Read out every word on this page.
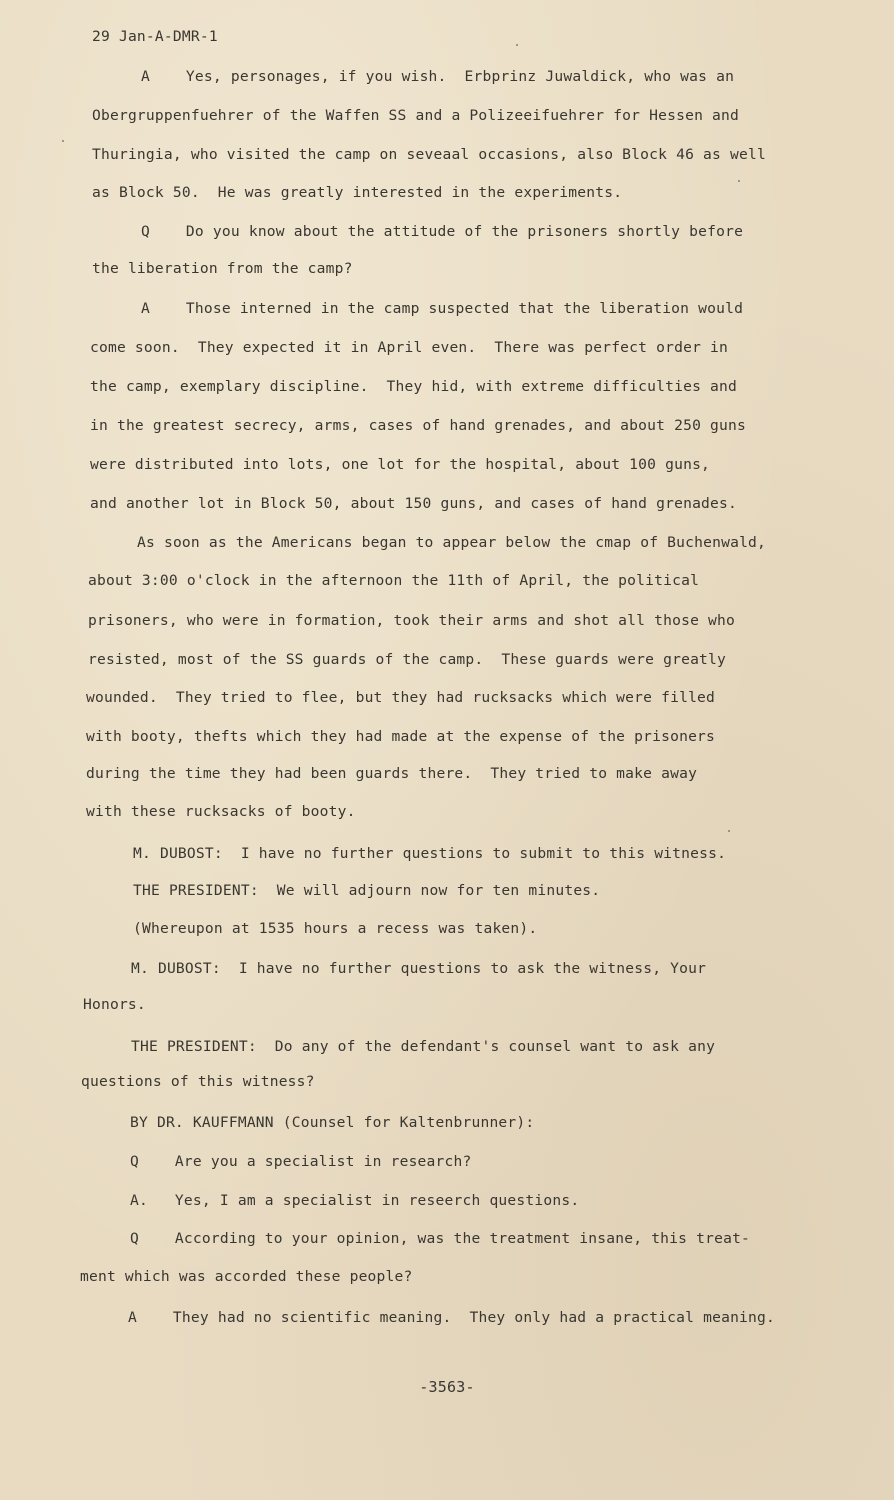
29 Jan-A-DMR-1
A    Yes, personages, if you wish.  Erbprinz Juwaldick, who was an
Obergruppenfuehrer of the Waffen SS and a Polizeeifuehrer for Hessen and
Thuringia, who visited the camp on seveaal occasions, also Block 46 as well
as Block 50.  He was greatly interested in the experiments.
Q    Do you know about the attitude of the prisoners shortly before
the liberation from the camp?
A    Those interned in the camp suspected that the liberation would
come soon.  They expected it in April even.  There was perfect order in
the camp, exemplary discipline.  They hid, with extreme difficulties and
in the greatest secrecy, arms, cases of hand grenades, and about 250 guns
were distributed into lots, one lot for the hospital, about 100 guns,
and another lot in Block 50, about 150 guns, and cases of hand grenades.
As soon as the Americans began to appear below the cmap of Buchenwald,
about 3:00 o'clock in the afternoon the 11th of April, the political
prisoners, who were in formation, took their arms and shot all those who
resisted, most of the SS guards of the camp.  These guards were greatly
wounded.  They tried to flee, but they had rucksacks which were filled
with booty, thefts which they had made at the expense of the prisoners
during the time they had been guards there.  They tried to make away
with these rucksacks of booty.
M. DUBOST:  I have no further questions to submit to this witness.
THE PRESIDENT:  We will adjourn now for ten minutes.
(Whereupon at 1535 hours a recess was taken).
M. DUBOST:  I have no further questions to ask the witness, Your
Honors.
THE PRESIDENT:  Do any of the defendant's counsel want to ask any
questions of this witness?
BY DR. KAUFFMANN (Counsel for Kaltenbrunner):
Q    Are you a specialist in research?
A.   Yes, I am a specialist in reseerch questions.
Q    According to your opinion, was the treatment insane, this treat-
ment which was accorded these people?
A    They had no scientific meaning.  They only had a practical meaning.
-3563-
